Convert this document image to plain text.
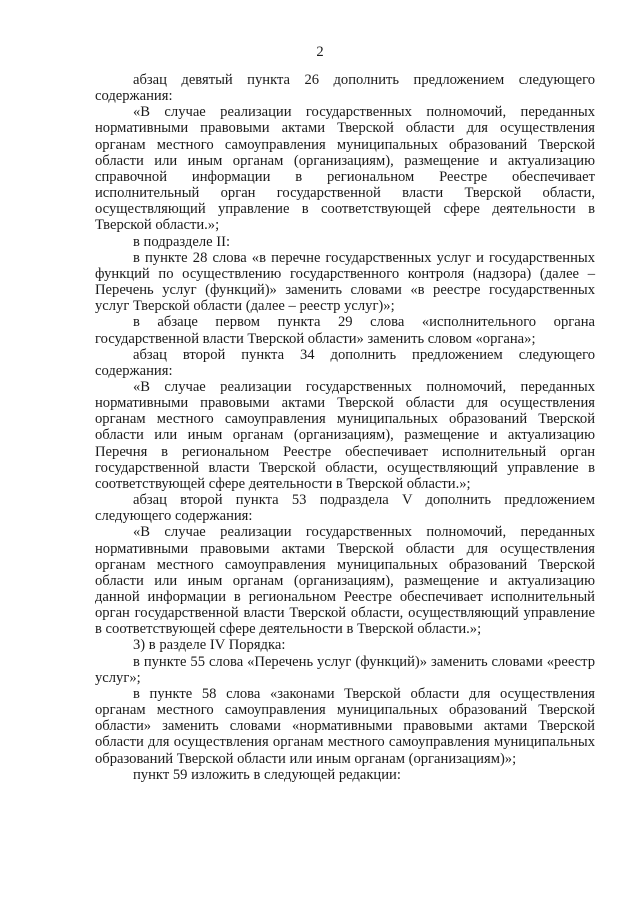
2

абзац девятый пункта 26 дополнить предложением следующего содержания:

«В случае реализации государственных полномочий, переданных нормативными правовыми актами Тверской области для осуществления органам местного самоуправления муниципальных образований Тверской области или иным органам (организациям), размещение и актуализацию справочной информации в региональном Реестре обеспечивает исполнительный орган государственной власти Тверской области, осуществляющий управление в соответствующей сфере деятельности в Тверской области.»;

в подразделе II:

в пункте 28 слова «в перечне государственных услуг и государственных функций по осуществлению государственного контроля (надзора) (далее – Перечень услуг (функций)» заменить словами «в реестре государственных услуг Тверской области (далее – реестр услуг)»;

в абзаце первом пункта 29 слова «исполнительного органа государственной власти Тверской области» заменить словом «органа»;

абзац второй пункта 34 дополнить предложением следующего содержания:

«В случае реализации государственных полномочий, переданных нормативными правовыми актами Тверской области для осуществления органам местного самоуправления муниципальных образований Тверской области или иным органам (организациям), размещение и актуализацию Перечня в региональном Реестре обеспечивает исполнительный орган государственной власти Тверской области, осуществляющий управление в соответствующей сфере деятельности в Тверской области.»;

абзац второй пункта 53 подраздела V дополнить предложением следующего содержания:

«В случае реализации государственных полномочий, переданных нормативными правовыми актами Тверской области для осуществления органам местного самоуправления муниципальных образований Тверской области или иным органам (организациям), размещение и актуализацию данной информации в региональном Реестре обеспечивает исполнительный орган государственной власти Тверской области, осуществляющий управление в соответствующей сфере деятельности в Тверской области.»;

3) в разделе IV Порядка:

в пункте 55 слова «Перечень услуг (функций)» заменить словами «реестр услуг»;

в пункте 58 слова «законами Тверской области для осуществления органам местного самоуправления муниципальных образований Тверской области» заменить словами «нормативными правовыми актами Тверской области для осуществления органам местного самоуправления муниципальных образований Тверской области или иным органам (организациям)»;

пункт 59 изложить в следующей редакции:
